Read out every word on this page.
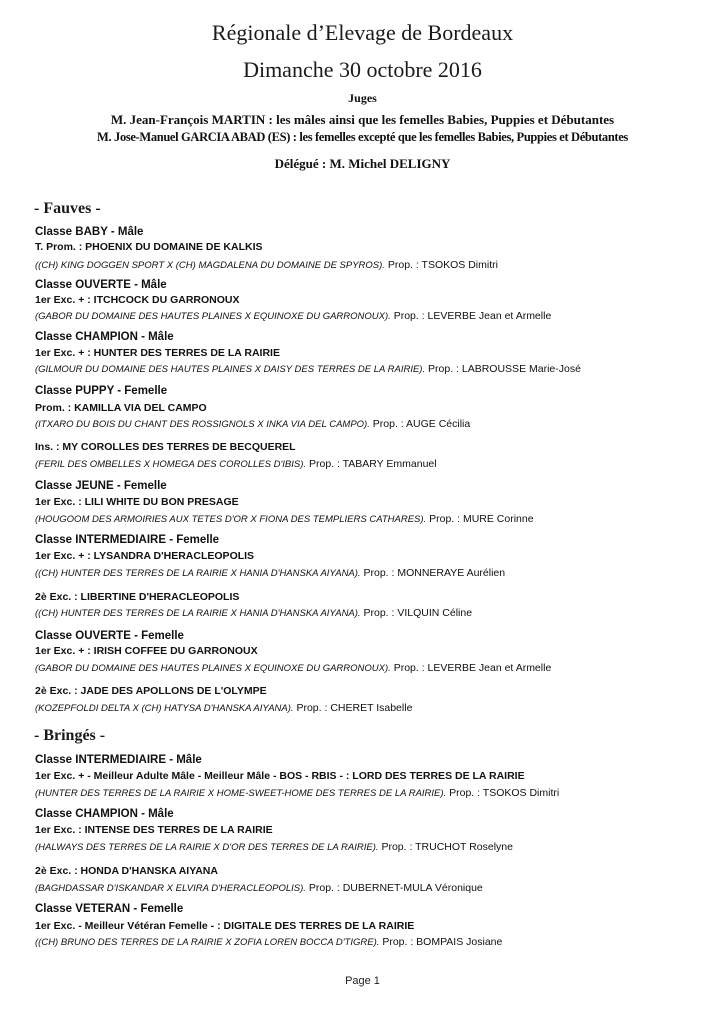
Régionale d’Elevage de Bordeaux
Dimanche 30 octobre 2016
Juges
M. Jean-François MARTIN : les mâles ainsi que les femelles Babies, Puppies et Débutantes
M. Jose-Manuel GARCIA ABAD (ES) : les femelles excepté que les femelles Babies, Puppies et Débutantes
Délégué : M. Michel DELIGNY
- Fauves -
- Bringés -
Classe BABY - Mâle
T. Prom. : PHOENIX DU DOMAINE DE KALKIS
((CH) KING DOGGEN SPORT X (CH) MAGDALENA DU DOMAINE DE SPYROS). Prop. : TSOKOS Dimitri
Classe OUVERTE - Mâle
1er Exc. + : ITCHCOCK DU GARRONOUX
(GABOR DU DOMAINE DES HAUTES PLAINES X EQUINOXE DU GARRONOUX). Prop. : LEVERBE Jean et Armelle
Classe CHAMPION - Mâle
1er Exc. + : HUNTER DES TERRES DE LA RAIRIE
(GILMOUR DU DOMAINE DES HAUTES PLAINES X DAISY DES TERRES DE LA RAIRIE). Prop. : LABROUSSE Marie-José
Classe PUPPY - Femelle
Prom. : KAMILLA VIA DEL CAMPO
(ITXARO DU BOIS DU CHANT DES ROSSIGNOLS X INKA VIA DEL CAMPO). Prop. : AUGE Cécilia
Ins. : MY COROLLES DES TERRES DE BECQUEREL
(FERIL DES OMBELLES X HOMEGA DES COROLLES D'IBIS). Prop. : TABARY Emmanuel
Classe JEUNE - Femelle
1er Exc. : LILI WHITE DU BON PRESAGE
(HOUGOOM DES ARMOIRIES AUX TETES D'OR X FIONA DES TEMPLIERS CATHARES). Prop. : MURE Corinne
Classe INTERMEDIAIRE - Femelle
1er Exc. + : LYSANDRA D'HERACLEOPOLIS
((CH) HUNTER DES TERRES DE LA RAIRIE X HANIA D'HANSKA AIYANA). Prop. : MONNERAYE Aurélien
2è Exc. : LIBERTINE D'HERACLEOPOLIS
((CH) HUNTER DES TERRES DE LA RAIRIE X HANIA D'HANSKA AIYANA). Prop. : VILQUIN Céline
Classe OUVERTE - Femelle
1er Exc. + : IRISH COFFEE DU GARRONOUX
(GABOR DU DOMAINE DES HAUTES PLAINES X EQUINOXE DU GARRONOUX). Prop. : LEVERBE Jean et Armelle
2è Exc. : JADE DES APOLLONS DE L'OLYMPE
(KOZEPFOLDI DELTA X (CH) HATYSA D'HANSKA AIYANA). Prop. : CHERET Isabelle
Classe INTERMEDIAIRE - Mâle
1er Exc. + - Meilleur Adulte Mâle - Meilleur Mâle - BOS - RBIS - : LORD DES TERRES DE LA RAIRIE
(HUNTER DES TERRES DE LA RAIRIE X HOME-SWEET-HOME DES TERRES DE LA RAIRIE). Prop. : TSOKOS Dimitri
Classe CHAMPION - Mâle
1er Exc. : INTENSE DES TERRES DE LA RAIRIE
(HALWAYS DES TERRES DE LA RAIRIE X D'OR DES TERRES DE LA RAIRIE). Prop. : TRUCHOT Roselyne
2è Exc. : HONDA D'HANSKA AIYANA
(BAGHDASSAR D'ISKANDAR X ELVIRA D'HERACLEOPOLIS). Prop. : DUBERNET-MULA Véronique
Classe VETERAN - Femelle
1er Exc. - Meilleur Vétéran Femelle - : DIGITALE DES TERRES DE LA RAIRIE
((CH) BRUNO DES TERRES DE LA RAIRIE X ZOFIA LOREN BOCCA D'TIGRE). Prop. : BOMPAIS Josiane
Page 1
